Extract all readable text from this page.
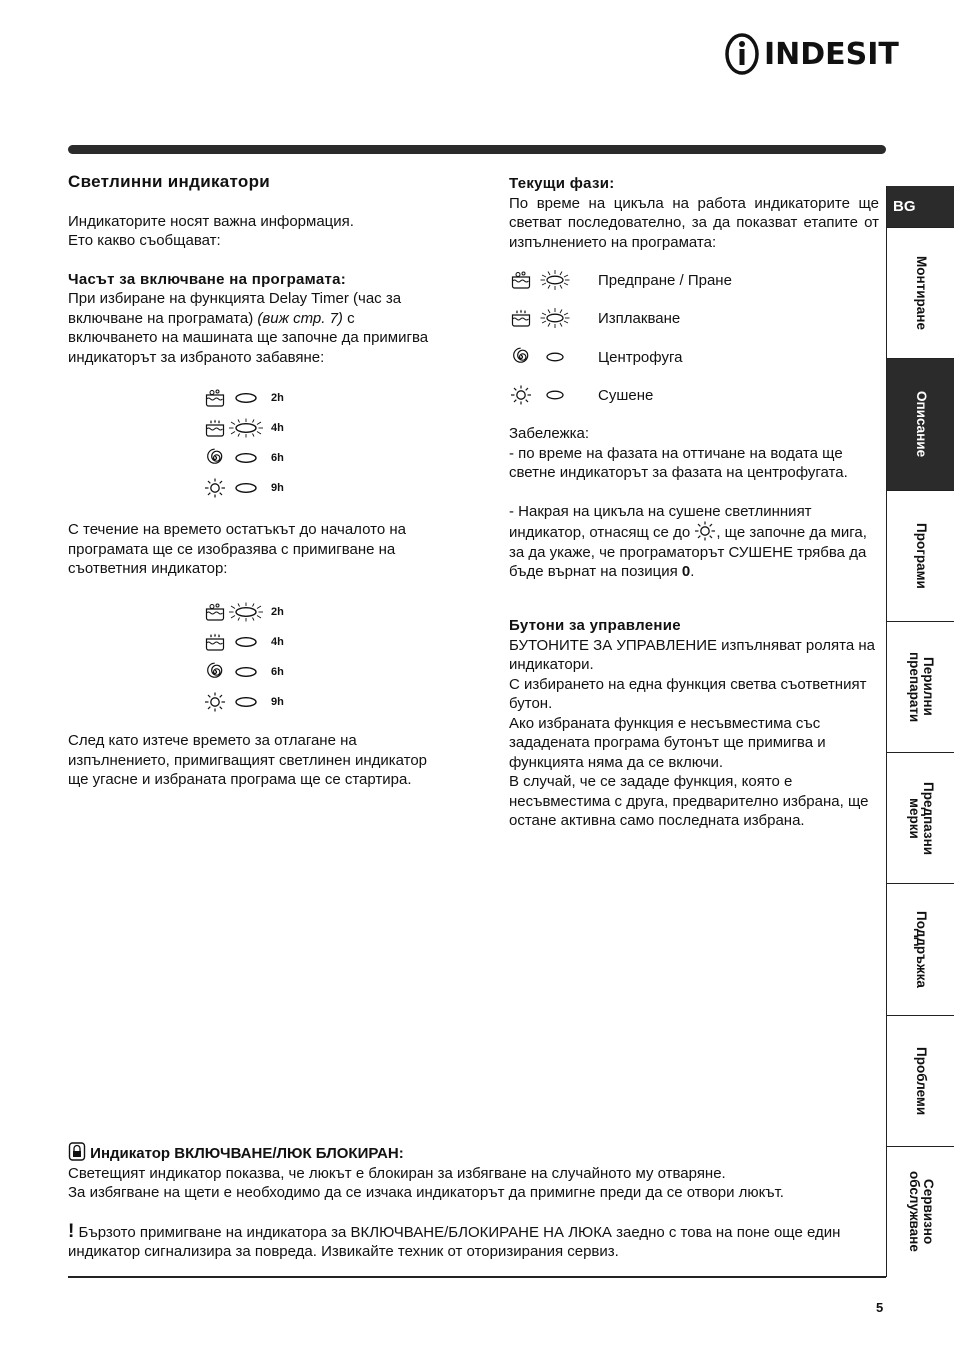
INDESIT
Светлинни индикатори

Индикаторите носят важна информация.

Ето какво съобщават:

Часът за включване на програмата:

При избиране на функцията Delay Timer (час за включване на програмата) (виж стр. 7) с включването на машината ще започне да примигва индикаторът за избраното забавяне:

2h
4h
6h
9h

С течение на времето остатъкът до началото на програмата ще се изобразява с примигване на съответния индикатор:

2h
4h
6h
9h

След като изтече времето за отлагане на изпълнението, примигващият светлинен индикатор ще угасне и избраната програма ще се стартира.

Текущи фази:

По време на цикъла на работа индикаторите ще светват последователно, за да показват етапите от изпълнението на програмата:

Предпране / Пране
Изплакване
Центрофуга
Сушене

Забележка:

- по време на фазата на оттичане на водата ще светне индикаторът за фазата на центрофугата.

- Накрая на цикъла на сушене светлинният индикатор, отнасящ се до , ще започне да мига, за да укаже, че програматорът СУШЕНЕ трябва да бъде върнат на позиция 0.

Бутони за управление

БУТОНИТЕ ЗА УПРАВЛЕНИЕ изпълняват ролята на индикатори.

С избирането на една функция светва съответният бутон.

Ако избраната функция е несъвместима със зададената програма бутонът ще примигва и функцията няма да се включи.

В случай, че се зададе функция, която е несъвместима с друга, предварително избрана, ще остане активна само последната избрана.

Индикатор ВКЛЮЧВАНЕ/ЛЮК БЛОКИРАН:

Светещият индикатор показва, че люкът е блокиран за избягване на случайното му отваряне.

За избягване на щети е необходимо да се изчака индикаторът да примигне преди да се отвори люкът.

! Бързото примигване на индикатора за ВКЛЮЧВАНЕ/БЛОКИРАНЕ НА ЛЮКА заедно с това на поне още един индикатор сигнализира за повреда. Извикайте техник от оторизирания сервиз.

BG
Монтиране
Описание
Програми
Перилни
препарати
Предпазни
мерки
Поддръжка
Проблеми
Сервизно
обслужване
5
